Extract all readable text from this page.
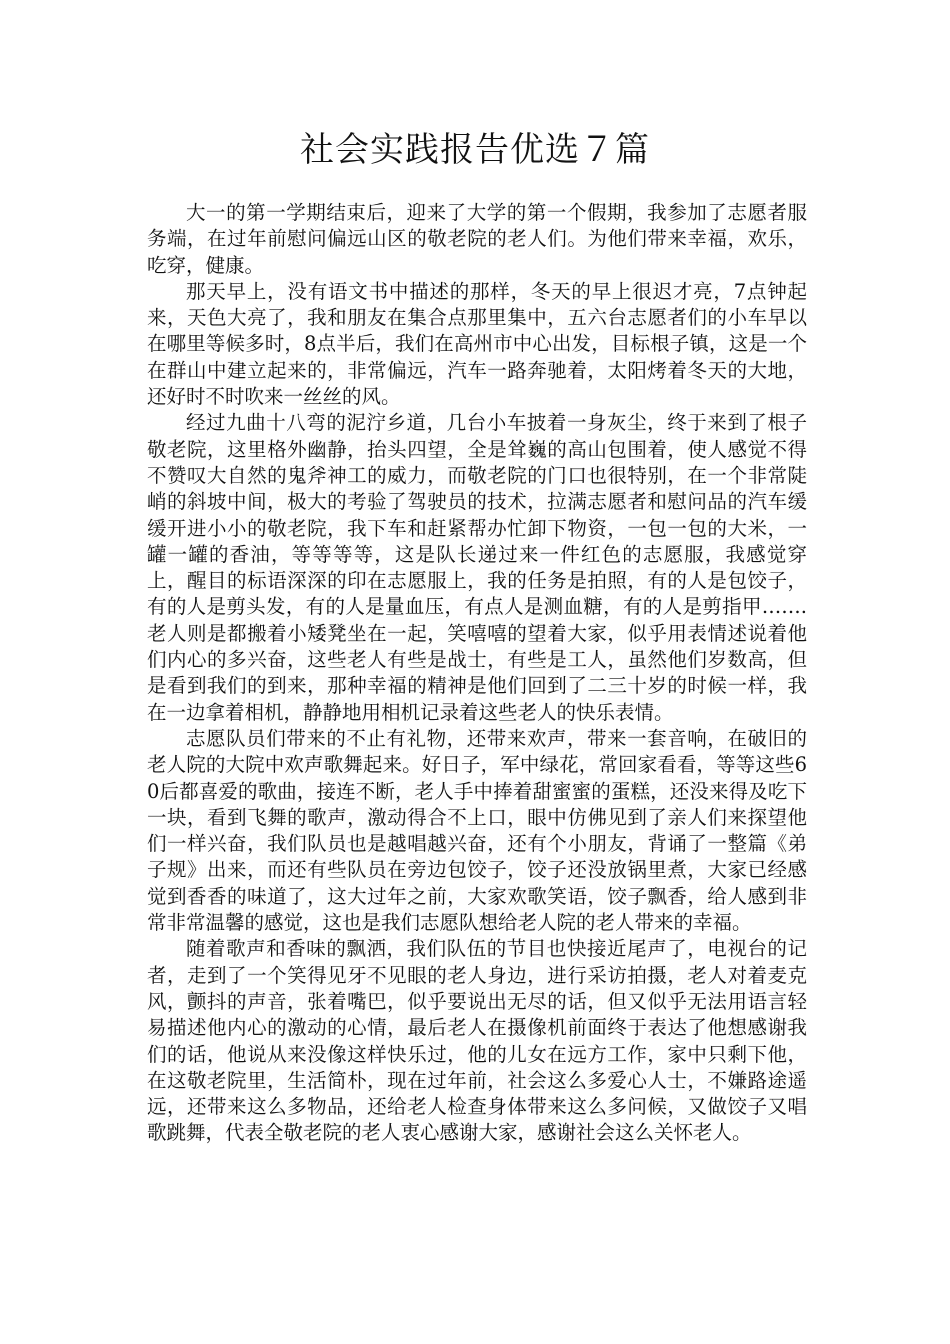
社会实践报告优选７篇

大一的第一学期结束后，迎来了大学的第一个假期，我参加了志愿者服务端，在过年前慰问偏远山区的敬老院的老人们。为他们带来幸福，欢乐，吃穿，健康。

那天早上，没有语文书中描述的那样，冬天的早上很迟才亮，7点钟起来，天色大亮了，我和朋友在集合点那里集中，五六台志愿者们的小车早以在哪里等候多时，8点半后，我们在高州市中心出发，目标根子镇，这是一个在群山中建立起来的，非常偏远，汽车一路奔驰着，太阳烤着冬天的大地，还好时不时吹来一丝丝的风。

经过九曲十八弯的泥泞乡道，几台小车披着一身灰尘，终于来到了根子敬老院，这里格外幽静，抬头四望，全是耸巍的高山包围着，使人感觉不得不赞叹大自然的鬼斧神工的威力，而敬老院的门口也很特别，在一个非常陡峭的斜坡中间，极大的考验了驾驶员的技术，拉满志愿者和慰问品的汽车缓缓开进小小的敬老院，我下车和赶紧帮办忙卸下物资，一包一包的大米，一罐一罐的香油，等等等等，这是队长递过来一件红色的志愿服，我感觉穿上，醒目的标语深深的印在志愿服上，我的任务是拍照，有的人是包饺子，有的人是剪头发，有的人是量血压，有点人是测血糖，有的人是剪指甲……. 老人则是都搬着小矮凳坐在一起，笑嘻嘻的望着大家，似乎用表情述说着他们内心的多兴奋，这些老人有些是战士，有些是工人，虽然他们岁数高，但是看到我们的到来，那种幸福的精神是他们回到了二三十岁的时候一样，我在一边拿着相机，静静地用相机记录着这些老人的快乐表情。

志愿队员们带来的不止有礼物，还带来欢声，带来一套音响，在破旧的老人院的大院中欢声歌舞起来。好日子，军中绿花，常回家看看，等等这些60后都喜爱的歌曲，接连不断，老人手中捧着甜蜜蜜的蛋糕，还没来得及吃下一块，看到飞舞的歌声，激动得合不上口，眼中仿佛见到了亲人们来探望他们一样兴奋，我们队员也是越唱越兴奋，还有个小朋友，背诵了一整篇《弟子规》出来，而还有些队员在旁边包饺子，饺子还没放锅里煮，大家已经感觉到香香的味道了，这大过年之前，大家欢歌笑语，饺子飘香，给人感到非常非常温馨的感觉，这也是我们志愿队想给老人院的老人带来的幸福。

随着歌声和香味的飘洒，我们队伍的节目也快接近尾声了，电视台的记者，走到了一个笑得见牙不见眼的老人身边，进行采访拍摄，老人对着麦克风，颤抖的声音，张着嘴巴，似乎要说出无尽的话，但又似乎无法用语言轻易描述他内心的激动的心情，最后老人在摄像机前面终于表达了他想感谢我们的话，他说从来没像这样快乐过，他的儿女在远方工作，家中只剩下他，在这敬老院里，生活简朴，现在过年前，社会这么多爱心人士，不嫌路途遥远，还带来这么多物品，还给老人检查身体带来这么多问候，又做饺子又唱歌跳舞，代表全敬老院的老人衷心感谢大家，感谢社会这么关怀老人。
